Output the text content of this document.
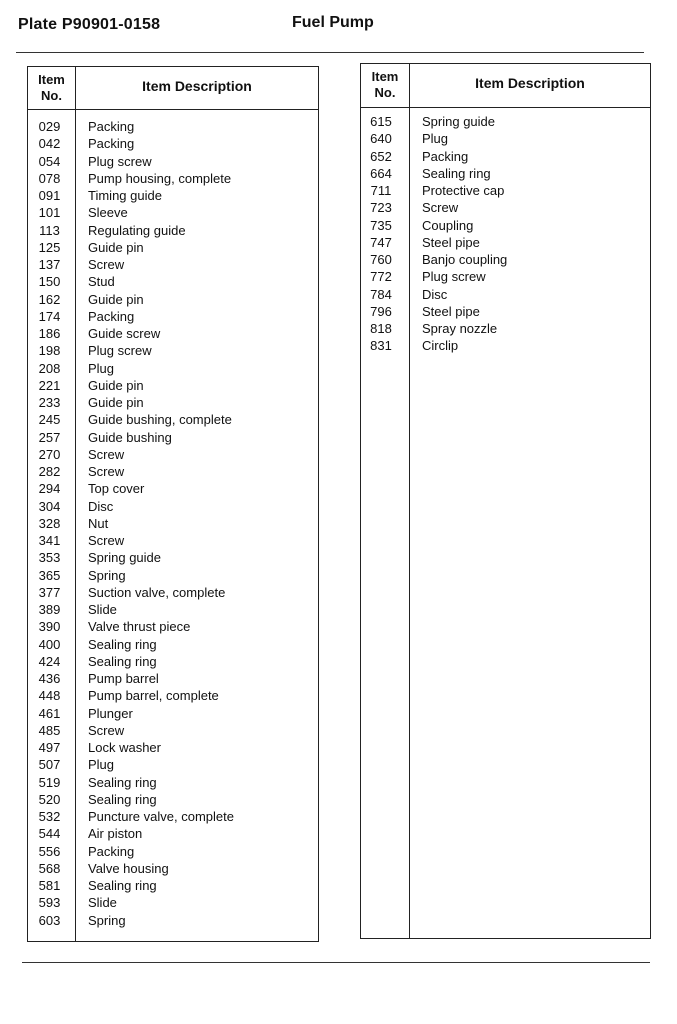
Plate P90901-0158	Fuel Pump
Item
No.
Item Description
029	Packing
042	Packing
054	Plug screw
078	Pump housing, complete
091	Timing guide
101	Sleeve
113	Regulating guide
125	Guide pin
137	Screw
150	Stud
162	Guide pin
174	Packing
186	Guide screw
198	Plug screw
208	Plug
221	Guide pin
233	Guide pin
245	Guide bushing, complete
257	Guide bushing
270	Screw
282	Screw
294	Top cover
304	Disc
328	Nut
341	Screw
353	Spring guide
365	Spring
377	Suction valve, complete
389	Slide
390	Valve thrust piece
400	Sealing ring
424	Sealing ring
436	Pump barrel
448	Pump barrel, complete
461	Plunger
485	Screw
497	Lock washer
507	Plug
519	Sealing ring
520	Sealing ring
532	Puncture valve, complete
544	Air piston
556	Packing
568	Valve housing
581	Sealing ring
593	Slide
603	Spring
Item
No.
Item Description
615	Spring guide
640	Plug
652	Packing
664	Sealing ring
711	Protective cap
723	Screw
735	Coupling
747	Steel pipe
760	Banjo coupling
772	Plug screw
784	Disc
796	Steel pipe
818	Spray nozzle
831	Circlip
